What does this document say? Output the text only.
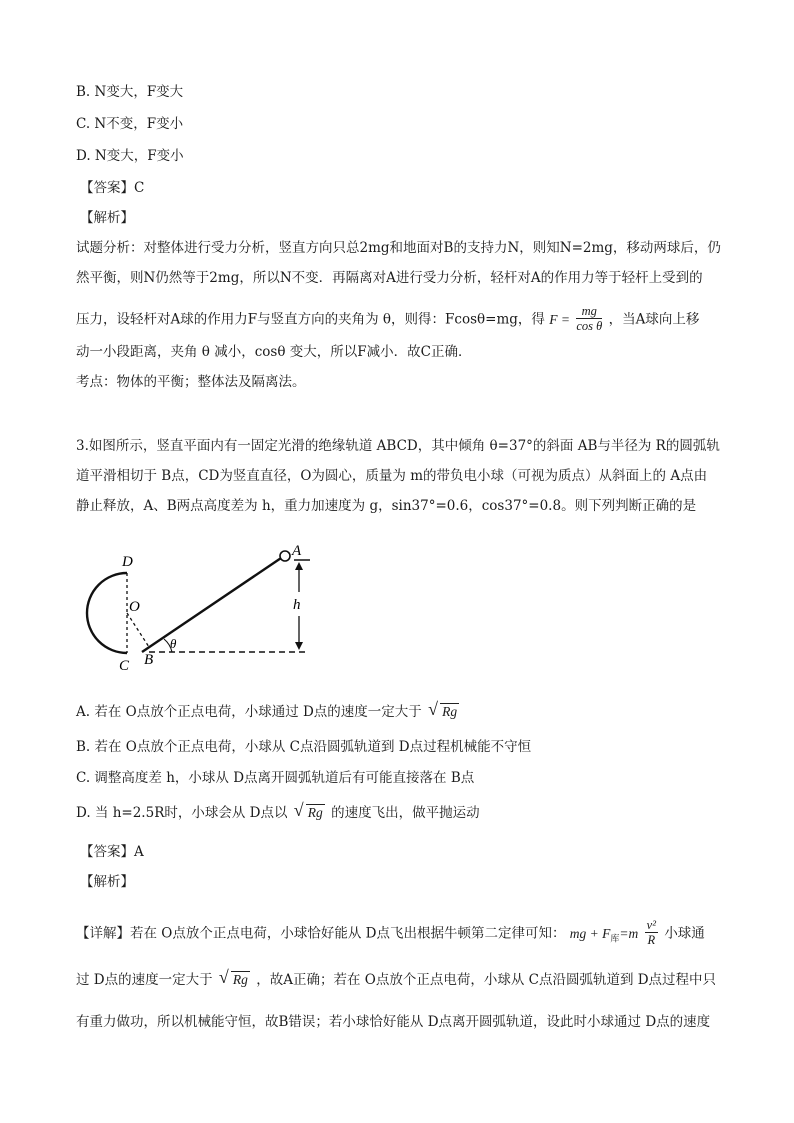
B. N变大，F变大
C. N不变，F变小
D. N变大，F变小
【答案】C
【解析】
试题分析：对整体进行受力分析，竖直方向只总2mg和地面对B的支持力N，则知N=2mg，移动两球后，仍
然平衡，则N仍然等于2mg，所以N不变．再隔离对A进行受力分析，轻杆对A的作用力等于轻杆上受到的
压力，设轻杆对A球的作用力F与竖直方向的夹角为 θ，则得：Fcosθ=mg，得 $F = \frac{mg}{\text{cos θ}}$ ，当A球向上移
动一小段距离，夹角 θ 减小，cosθ 变大，所以F减小．故C正确．
考点：物体的平衡；整体法及隔离法。
3.如图所示，竖直平面内有一固定光滑的绝缘轨道 ABCD，其中倾角 θ=37°的斜面 AB与半径为 R的圆弧轨
道平滑相切于 B点，CD为竖直直径，O为圆心，质量为 m的带负电小球（可视为质点）从斜面上的 A点由
静止释放，A、B两点高度差为 h，重力加速度为 g，sin37°=0.6，cos37°=0.8。则下列判断正确的是
D
O
C B
θ
A
h
A. 若在 O点放个正点电荷，小球通过 D点的速度一定大于 √ Rg
B. 若在 O点放个正点电荷，小球从 C点沿圆弧轨道到 D点过程机械能不守恒
C. 调整高度差 h，小球从 D点离开圆弧轨道后有可能直接落在 B点
D. 当 h=2.5R时，小球会从 D点以 √ Rg 的速度飞出，做平抛运动
【答案】A
【解析】
【详解】若在 O点放个正点电荷，小球恰好能从 D点飞出根据牛顿第二定律可知： mg + $F_库=m \frac{\text{v²}}{R}$ 小球通
过 D点的速度一定大于 √ Rg ，故A正确；若在 O点放个正点电荷，小球从 C点沿圆弧轨道到 D点过程中只
有重力做功，所以机械能守恒，故B错误；若小球恰好能从 D点离开圆弧轨道，设此时小球通过 D点的速度
